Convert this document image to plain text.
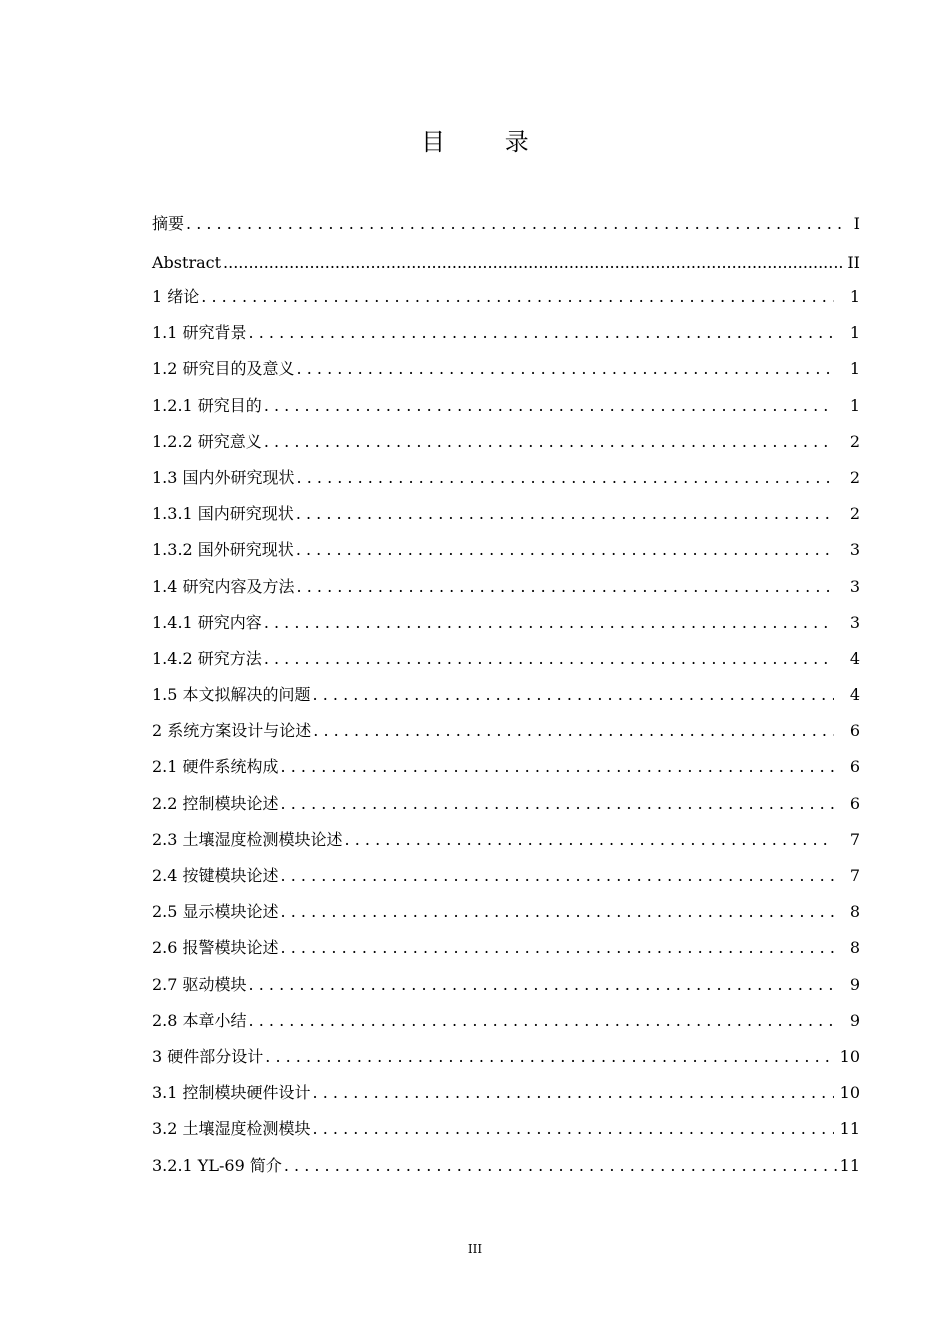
目 录
摘要 . . .	I
Abstract .....	II
1 绪论 . . .	1
1.1 研究背景 . . .	1
1.2 研究目的及意义 . . .	1
1.2.1 研究目的 . . .	1
1.2.2 研究意义 . . .	2
1.3 国内外研究现状 . . .	2
1.3.1 国内研究现状 . . .	2
1.3.2 国外研究现状 . . .	3
1.4 研究内容及方法 . . .	3
1.4.1 研究内容 . . .	3
1.4.2 研究方法 . . .	4
1.5 本文拟解决的问题 . . .	4
2 系统方案设计与论述 . . .	6
2.1 硬件系统构成 . . .	6
2.2 控制模块论述 . . .	6
2.3 土壤湿度检测模块论述 . . .	7
2.4 按键模块论述 . . .	7
2.5 显示模块论述 . . .	8
2.6 报警模块论述 . . .	8
2.7 驱动模块 . . .	9
2.8 本章小结 . . .	9
3 硬件部分设计 . . .	10
3.1 控制模块硬件设计 . . .	10
3.2 土壤湿度检测模块 . . .	11
3.2.1 YL-69 简介 . . .	11
III
